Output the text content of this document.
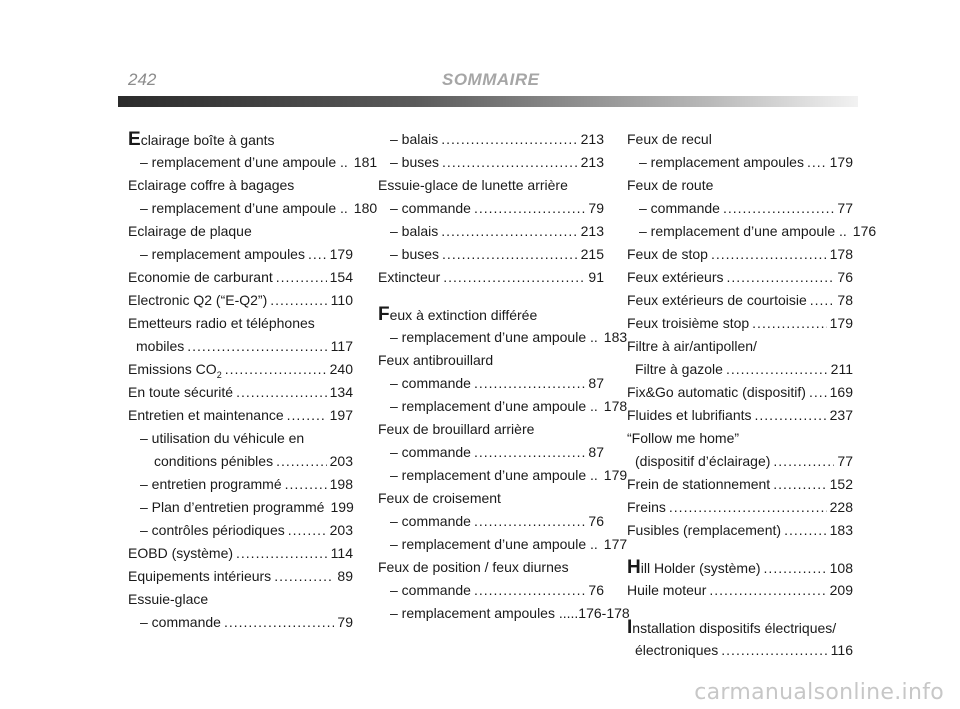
242	SOMMAIRE
Eclairage boîte à gants
– remplacement d’une ampoule .. 181
Eclairage coffre à bagages
– remplacement d’une ampoule .. 180
Eclairage de plaque
– remplacement ampoules ..... 179
Economie de carburant .....	154
Electronic Q2 (“E-Q2”) .....	110
Emetteurs radio et téléphones
mobiles .....	117
Emissions $CO_2$ .....	240
En toute sécurité .....	134
Entretien et maintenance .....	197
– utilisation du véhicule en
conditions pénibles .....	203
– entretien programmé .....	198
– Plan d’entretien programmé 199
– contrôles périodiques .....	203
EOBD (système) .....	114
Equipements intérieurs .....	89
Essuie-glace
– commande .....	79
– balais .....	213
– buses .....	213
Essuie-glace de lunette arrière
– commande .....	79
– balais .....	213
– buses .....	215
Extincteur .....	91
Feux à extinction différée
– remplacement d’une ampoule .. 183
Feux antibrouillard
– commande .....	87
– remplacement d’une ampoule .. 178
Feux de brouillard arrière
– commande .....	87
– remplacement d’une ampoule .. 179
Feux de croisement
– commande .....	76
– remplacement d’une ampoule .. 177
Feux de position / feux diurnes
– commande .....	76
– remplacement ampoules .....176-178
Feux de recul
– remplacement ampoules ..... 179
Feux de route
– commande .....	77
– remplacement d’une ampoule .. 176
Feux de stop .....	178
Feux extérieurs .....	76
Feux extérieurs de courtoisie ..... 78
Feux troisième stop .....	179
Filtre à air/antipollen/
Filtre à gazole .....	211
Fix&Go automatic (dispositif) ..... 169
Fluides et lubrifiants .....	237
“Follow me home”
(dispositif d’éclairage) .....	77
Frein de stationnement .....	152
Freins .....	228
Fusibles (remplacement) .....	183
Hill Holder (système) .....	108
Huile moteur .....	209
Installation dispositifs électriques/
électroniques .....	116
carmanualsonline.info
